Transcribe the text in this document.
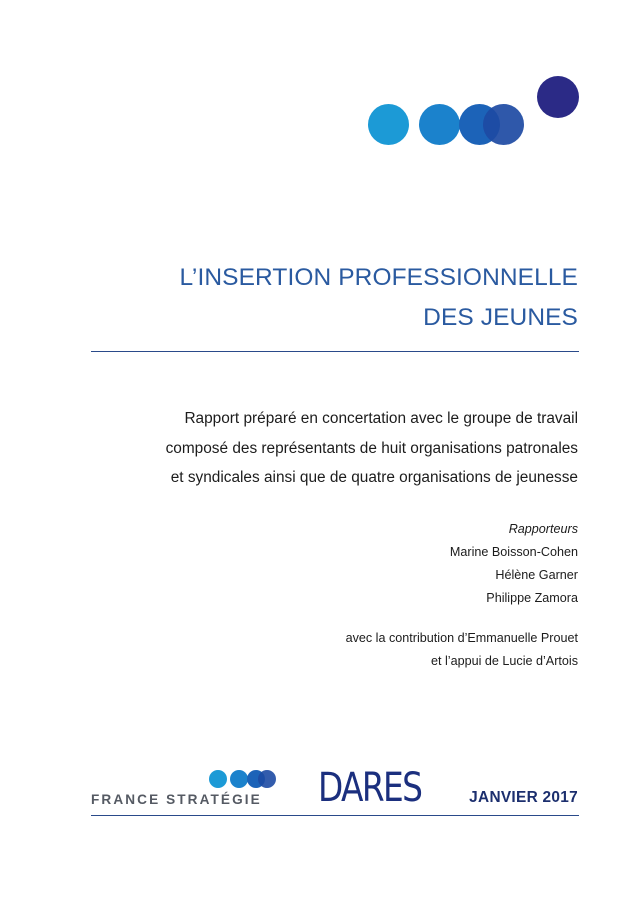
L’INSERTION PROFESSIONNELLE
DES JEUNES
Rapport préparé en concertation avec le groupe de travail
composé des représentants de huit organisations patronales
et syndicales ainsi que de quatre organisations de jeunesse
Rapporteurs
Marine Boisson-Cohen
Hélène Garner
Philippe Zamora
avec la contribution d’Emmanuelle Prouet
et l’appui de Lucie d’Artois
FRANCE STRATÉGIE DARES	JANVIER 2017
